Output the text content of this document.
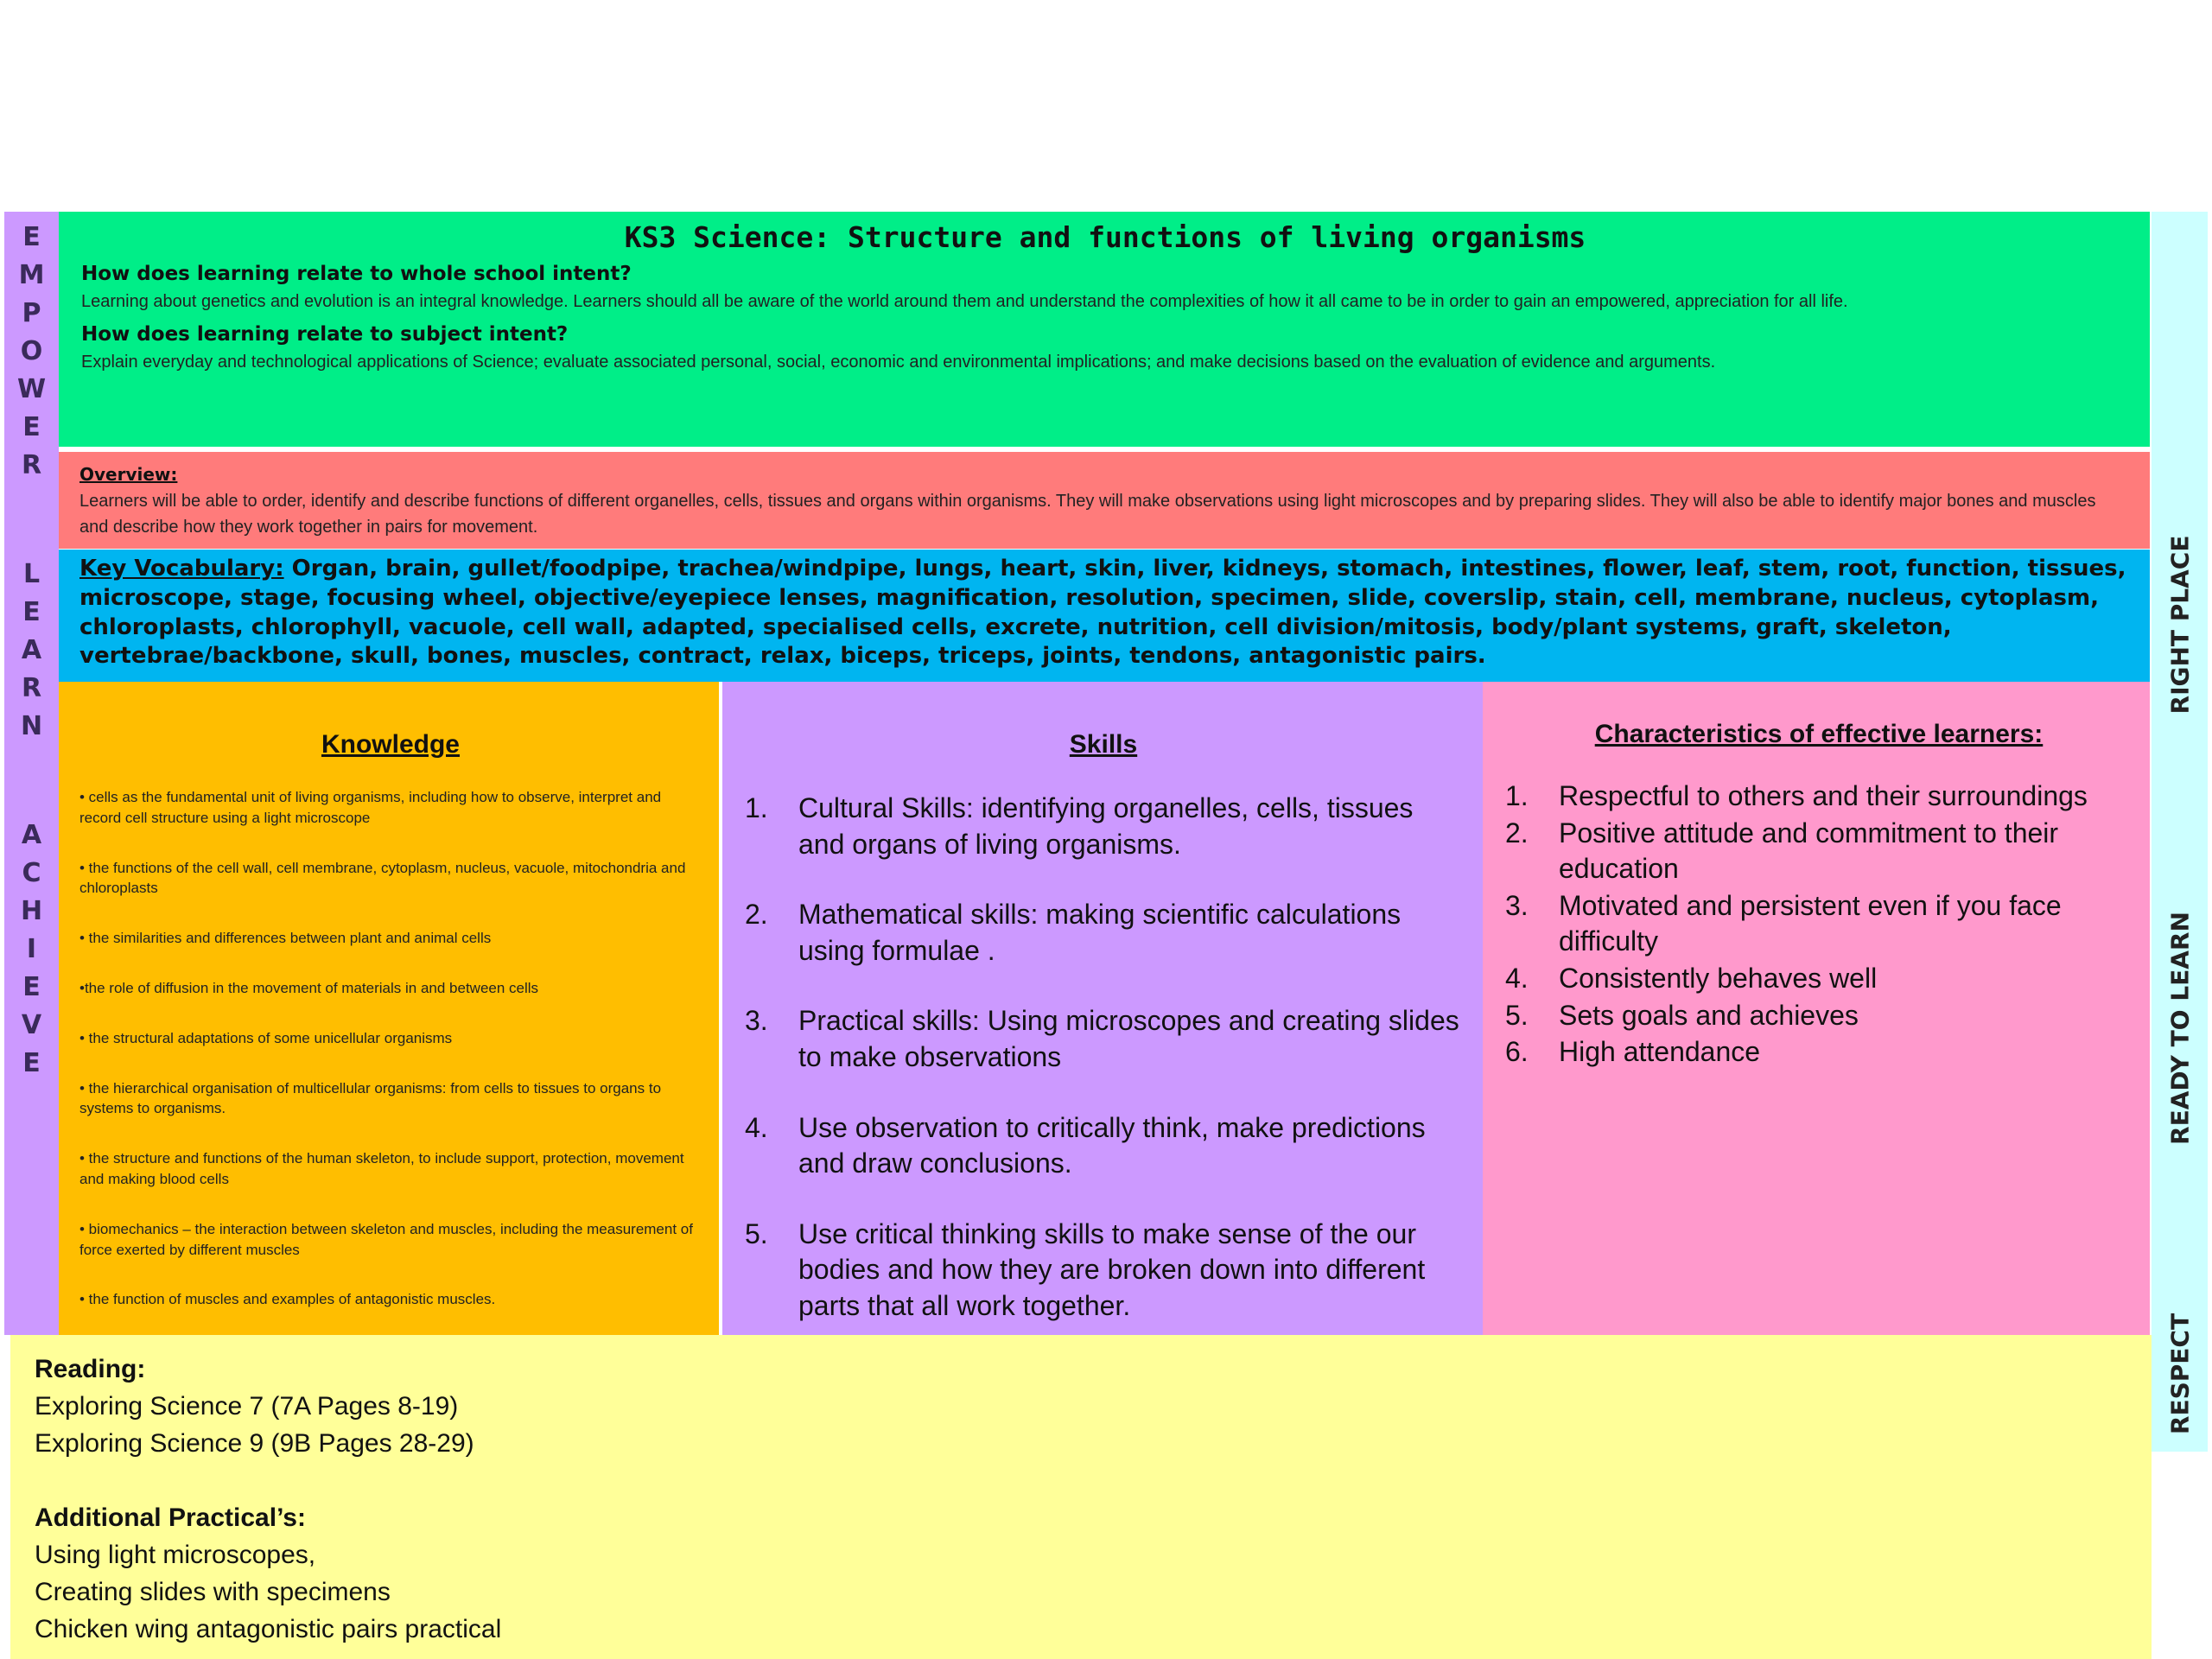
E
M
P
O
W
E
R
L
E
A
R
N
A
C
H
I
E
V
E
RIGHT PLACE
READY TO LEARN
RESPECT
KS3 Science: Structure and functions of living organisms
How does learning relate to whole school intent?
Learning about genetics and evolution is an integral knowledge. Learners should all be aware of the world around them and understand the complexities of how it all came to be in order to gain an empowered, appreciation for all life.
How does learning relate to subject intent?
Explain everyday and technological applications of Science; evaluate associated personal, social, economic and environmental implications; and make decisions based on the evaluation of evidence and arguments.
Overview:
Learners will be able to order, identify and describe functions of different organelles, cells, tissues and organs within organisms. They will make observations using light microscopes and by preparing slides. They will also be able to identify major bones and muscles and describe how they work together in pairs for movement.
Key Vocabulary: Organ, brain, gullet/foodpipe, trachea/windpipe, lungs, heart, skin, liver, kidneys, stomach, intestines, flower, leaf, stem, root, function, tissues, microscope, stage, focusing wheel, objective/eyepiece lenses, magnification, resolution, specimen, slide, coverslip, stain, cell, membrane, nucleus, cytoplasm, chloroplasts, chlorophyll, vacuole, cell wall, adapted, specialised cells, excrete, nutrition, cell division/mitosis, body/plant systems, graft, skeleton, vertebrae/backbone, skull, bones, muscles, contract, relax, biceps, triceps, joints, tendons, antagonistic pairs.
Knowledge
• cells as the fundamental unit of living organisms, including how to observe, interpret and record cell structure using a light microscope
• the functions of the cell wall, cell membrane, cytoplasm, nucleus, vacuole, mitochondria and chloroplasts
• the similarities and differences between plant and animal cells
•the role of diffusion in the movement of materials in and between cells
• the structural adaptations of some unicellular organisms
• the hierarchical organisation of multicellular organisms: from cells to tissues to organs to systems to organisms.
• the structure and functions of the human skeleton, to include support, protection, movement and making blood cells
• biomechanics – the interaction between skeleton and muscles, including the measurement of force exerted by different muscles
• the function of muscles and examples of antagonistic muscles.
Skills
1.	Cultural Skills: identifying organelles, cells, tissues and organs of living organisms.
2.	Mathematical skills: making scientific calculations using formulae .
3.	Practical skills: Using microscopes and creating slides to make observations
4.	Use observation to critically think, make predictions and draw conclusions.
5.	Use critical thinking skills to make sense of the our bodies and how they are broken down into different parts that all work together.
Characteristics of effective learners:
1.	Respectful to others and their surroundings
2.	Positive attitude and commitment to their education
3.	Motivated and persistent even if you face difficulty
4.	Consistently behaves well
5.	Sets goals and achieves
6.	High attendance
Reading:
Exploring Science 7 (7A Pages 8-19)
Exploring Science 9 (9B Pages 28-29)
Additional Practical’s:
Using light microscopes,
Creating slides with specimens
Chicken wing antagonistic pairs practical
